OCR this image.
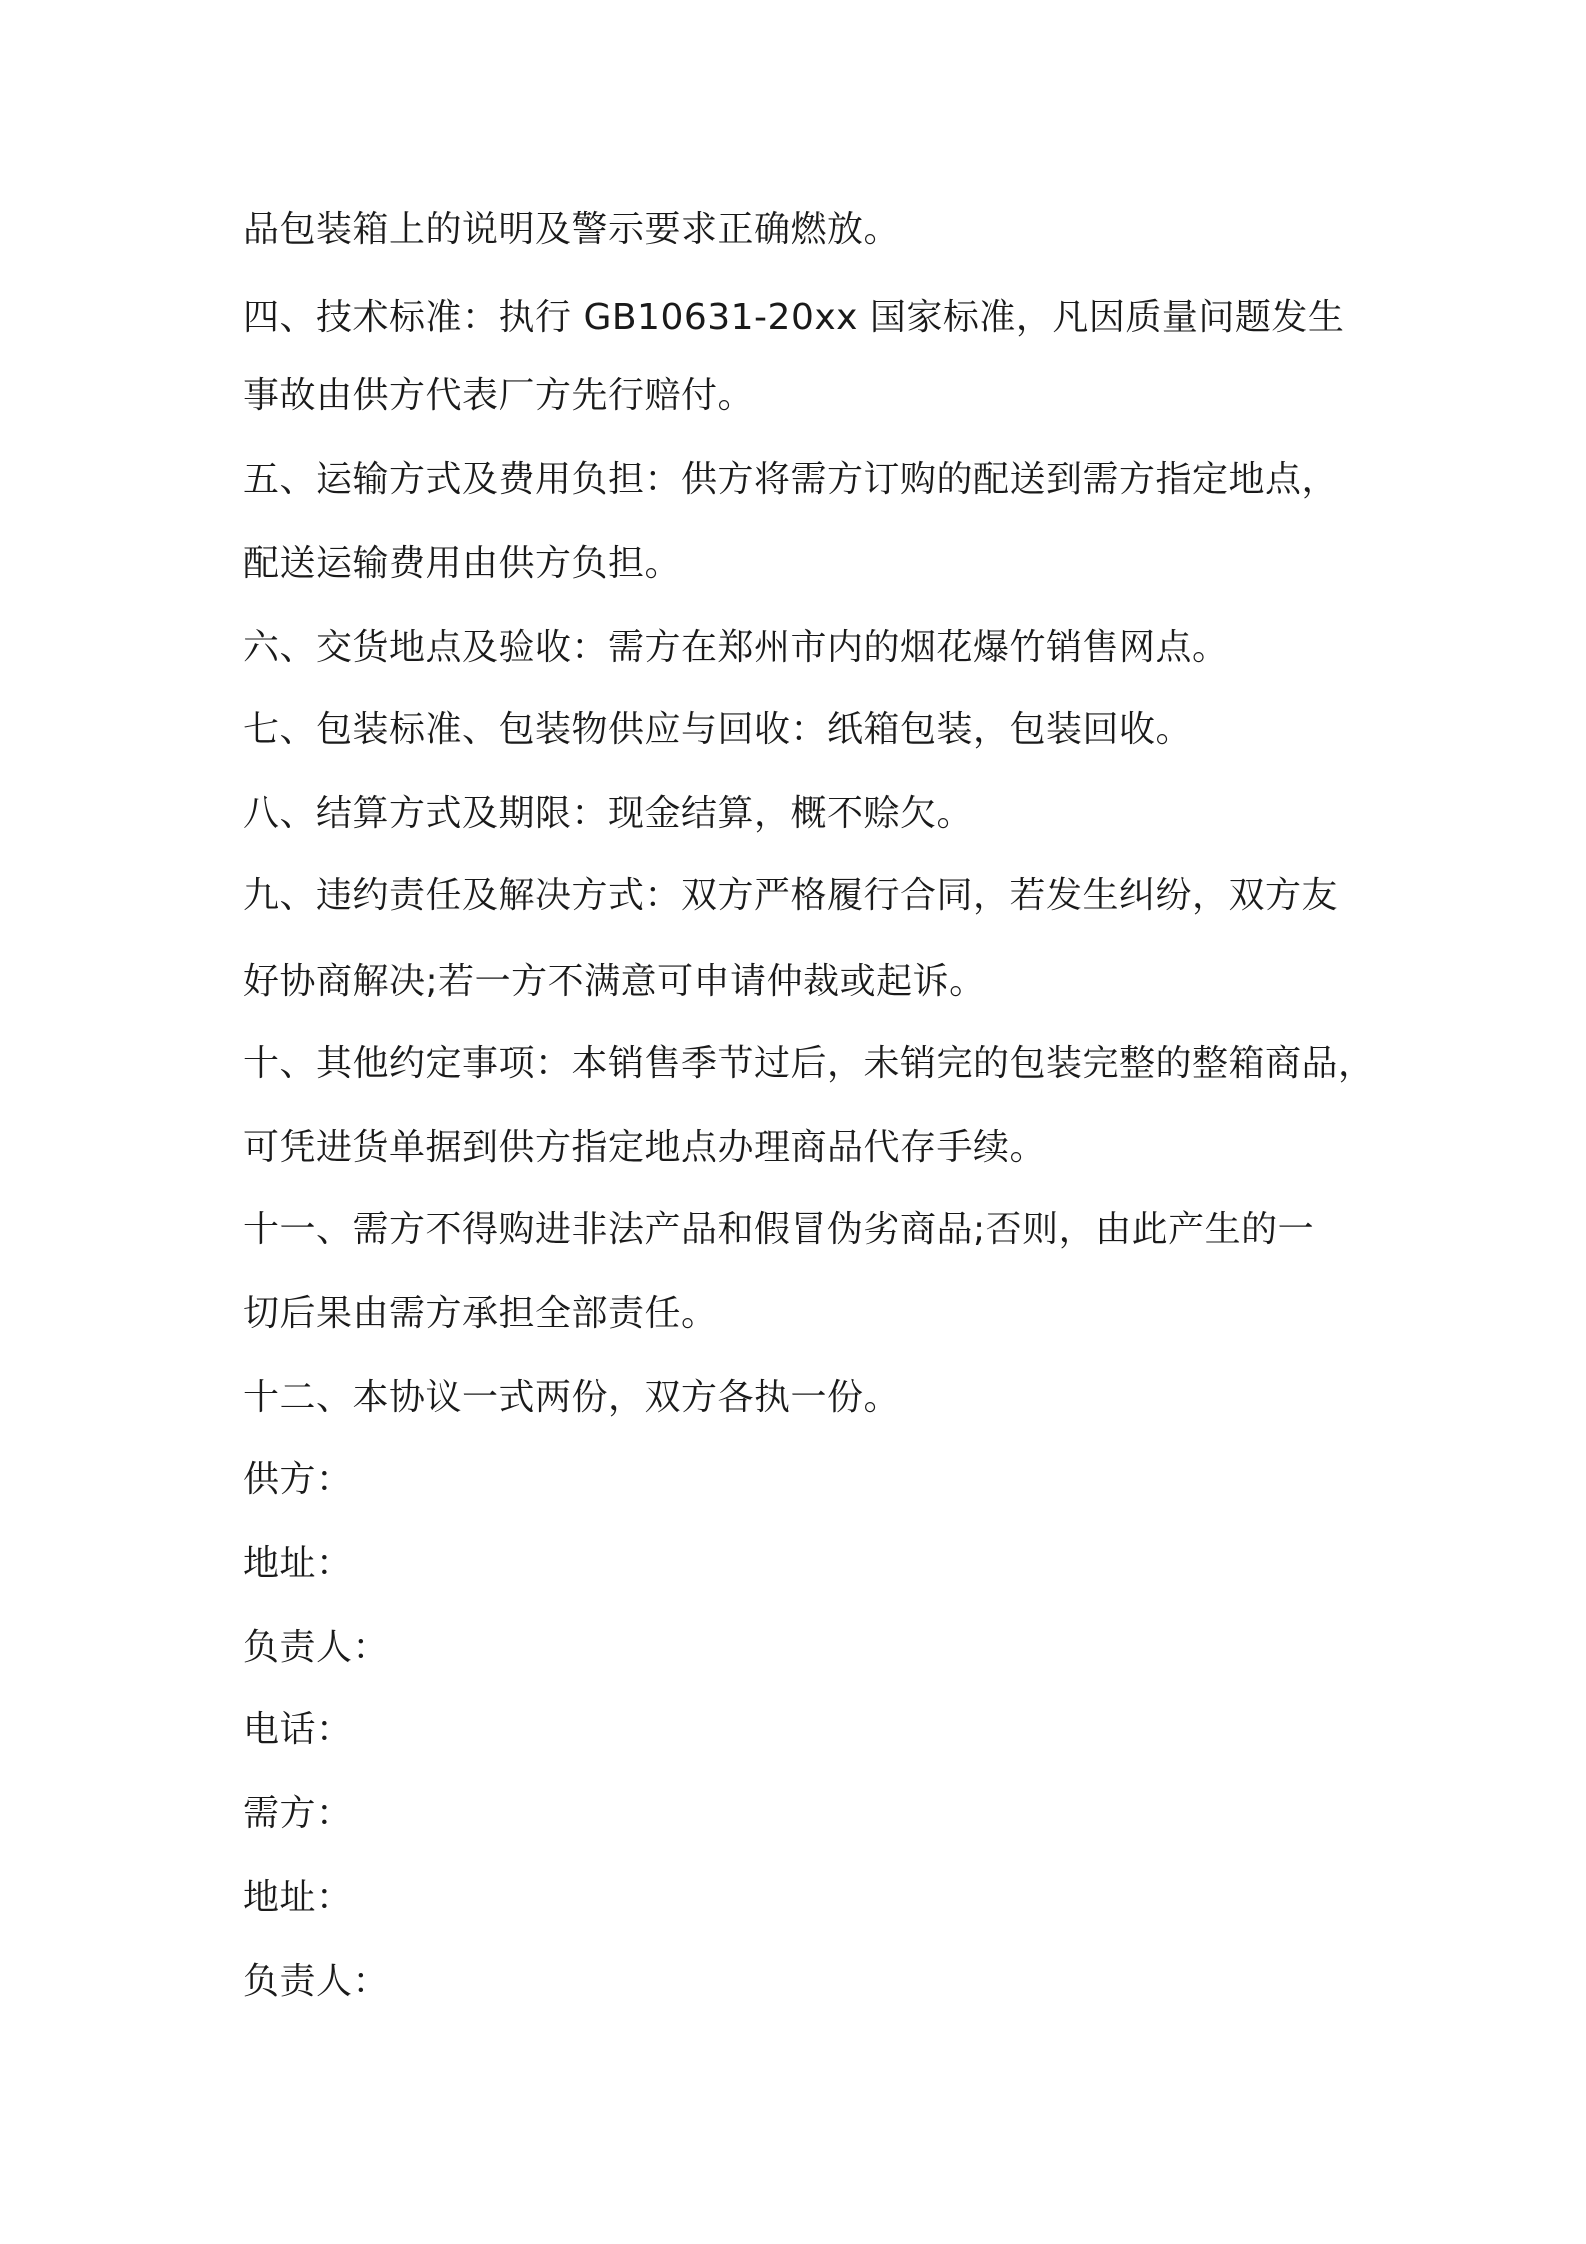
品包装箱上的说明及警示要求正确燃放。
四、技术标准：执行 GB10631-20xx 国家标准，凡因质量问题发生
事故由供方代表厂方先行赔付。
五、运输方式及费用负担：供方将需方订购的配送到需方指定地点，
配送运输费用由供方负担。
六、交货地点及验收：需方在郑州市内的烟花爆竹销售网点。
七、包装标准、包装物供应与回收：纸箱包装，包装回收。
八、结算方式及期限：现金结算，概不赊欠。
九、违约责任及解决方式：双方严格履行合同，若发生纠纷，双方友
好协商解决;若一方不满意可申请仲裁或起诉。
十、其他约定事项：本销售季节过后，未销完的包装完整的整箱商品，
可凭进货单据到供方指定地点办理商品代存手续。
十一、需方不得购进非法产品和假冒伪劣商品;否则，由此产生的一
切后果由需方承担全部责任。
十二、本协议一式两份，双方各执一份。
供方：
地址：
负责人：
电话：
需方：
地址：
负责人：
